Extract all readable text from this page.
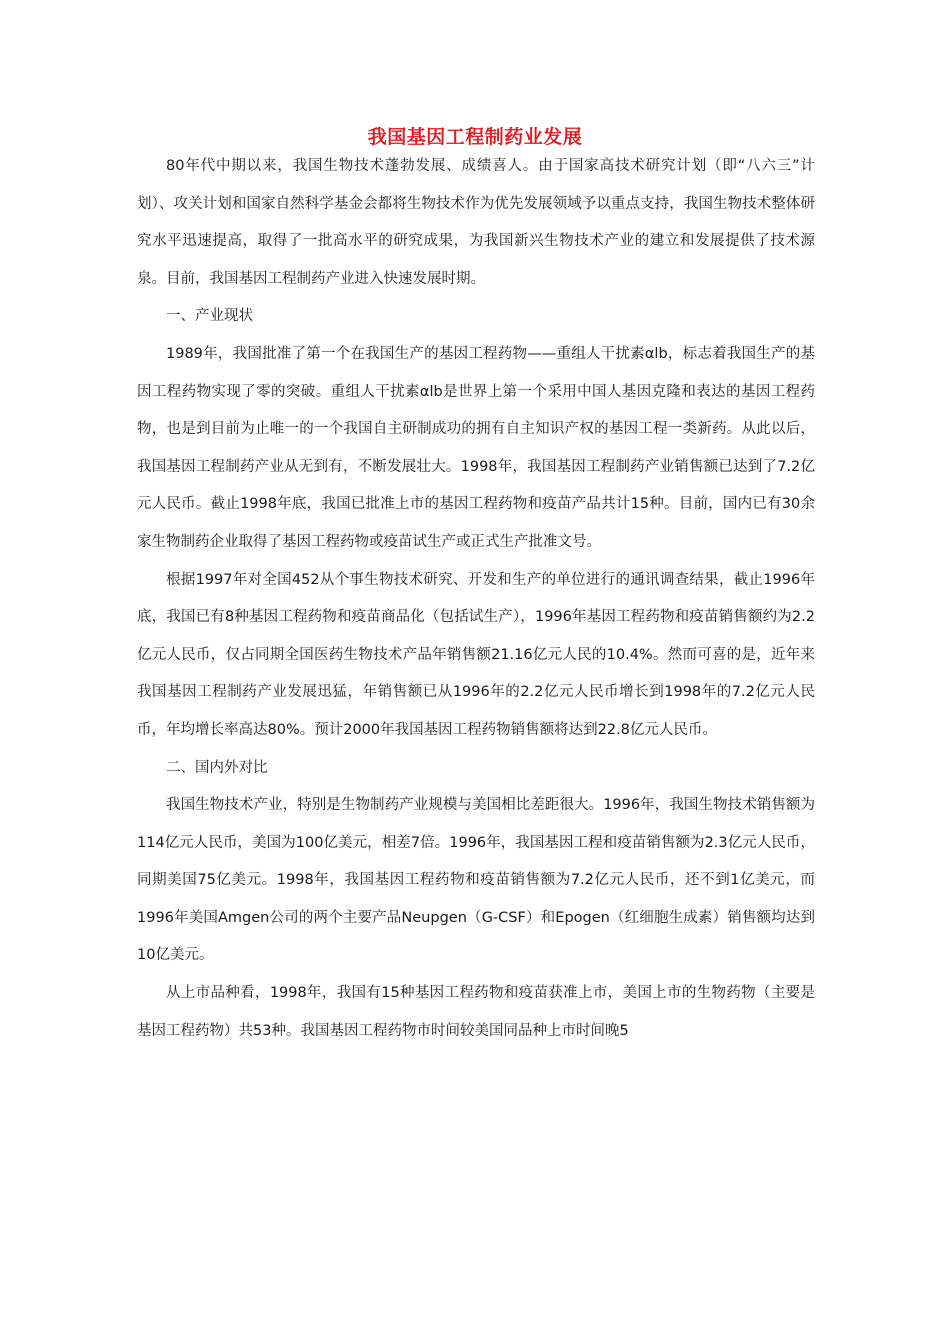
我国基因工程制药业发展

80年代中期以来，我国生物技术蓬勃发展、成绩喜人。由于国家高技术研究计划（即“八六三”计划）、攻关计划和国家自然科学基金会都将生物技术作为优先发展领域予以重点支持，我国生物技术整体研究水平迅速提高，取得了一批高水平的研究成果，为我国新兴生物技术产业的建立和发展提供了技术源泉。目前，我国基因工程制药产业进入快速发展时期。

一、产业现状

1989年，我国批准了第一个在我国生产的基因工程药物——重组人干扰素αlb，标志着我国生产的基因工程药物实现了零的突破。重组人干扰素αlb是世界上第一个采用中国人基因克隆和表达的基因工程药物，也是到目前为止唯一的一个我国自主研制成功的拥有自主知识产权的基因工程一类新药。从此以后，我国基因工程制药产业从无到有，不断发展壮大。1998年，我国基因工程制药产业销售额已达到了7.2亿元人民币。截止1998年底，我国已批准上市的基因工程药物和疫苗产品共计15种。目前，国内已有30余家生物制药企业取得了基因工程药物或疫苗试生产或正式生产批准文号。

根据1997年对全国452从个事生物技术研究、开发和生产的单位进行的通讯调查结果，截止1996年底，我国已有8种基因工程药物和疫苗商品化（包括试生产），1996年基因工程药物和疫苗销售额约为2.2亿元人民币，仅占同期全国医药生物技术产品年销售额21.16亿元人民的10.4%。然而可喜的是，近年来我国基因工程制药产业发展迅猛，年销售额已从1996年的2.2亿元人民币增长到1998年的7.2亿元人民币，年均增长率高达80%。预计2000年我国基因工程药物销售额将达到22.8亿元人民币。

二、国内外对比

我国生物技术产业，特别是生物制药产业规模与美国相比差距很大。1996年，我国生物技术销售额为114亿元人民币，美国为100亿美元，相差7倍。1996年，我国基因工程和疫苗销售额为2.3亿元人民币，同期美国75亿美元。1998年，我国基因工程药物和疫苗销售额为7.2亿元人民币，还不到1亿美元，而1996年美国Amgen公司的两个主要产品Neupgen（G-CSF）和Epogen（红细胞生成素）销售额均达到10亿美元。

从上市品种看，1998年，我国有15种基因工程药物和疫苗获准上市，美国上市的生物药物（主要是基因工程药物）共53种。我国基因工程药物市时间较美国同品种上市时间晚5
